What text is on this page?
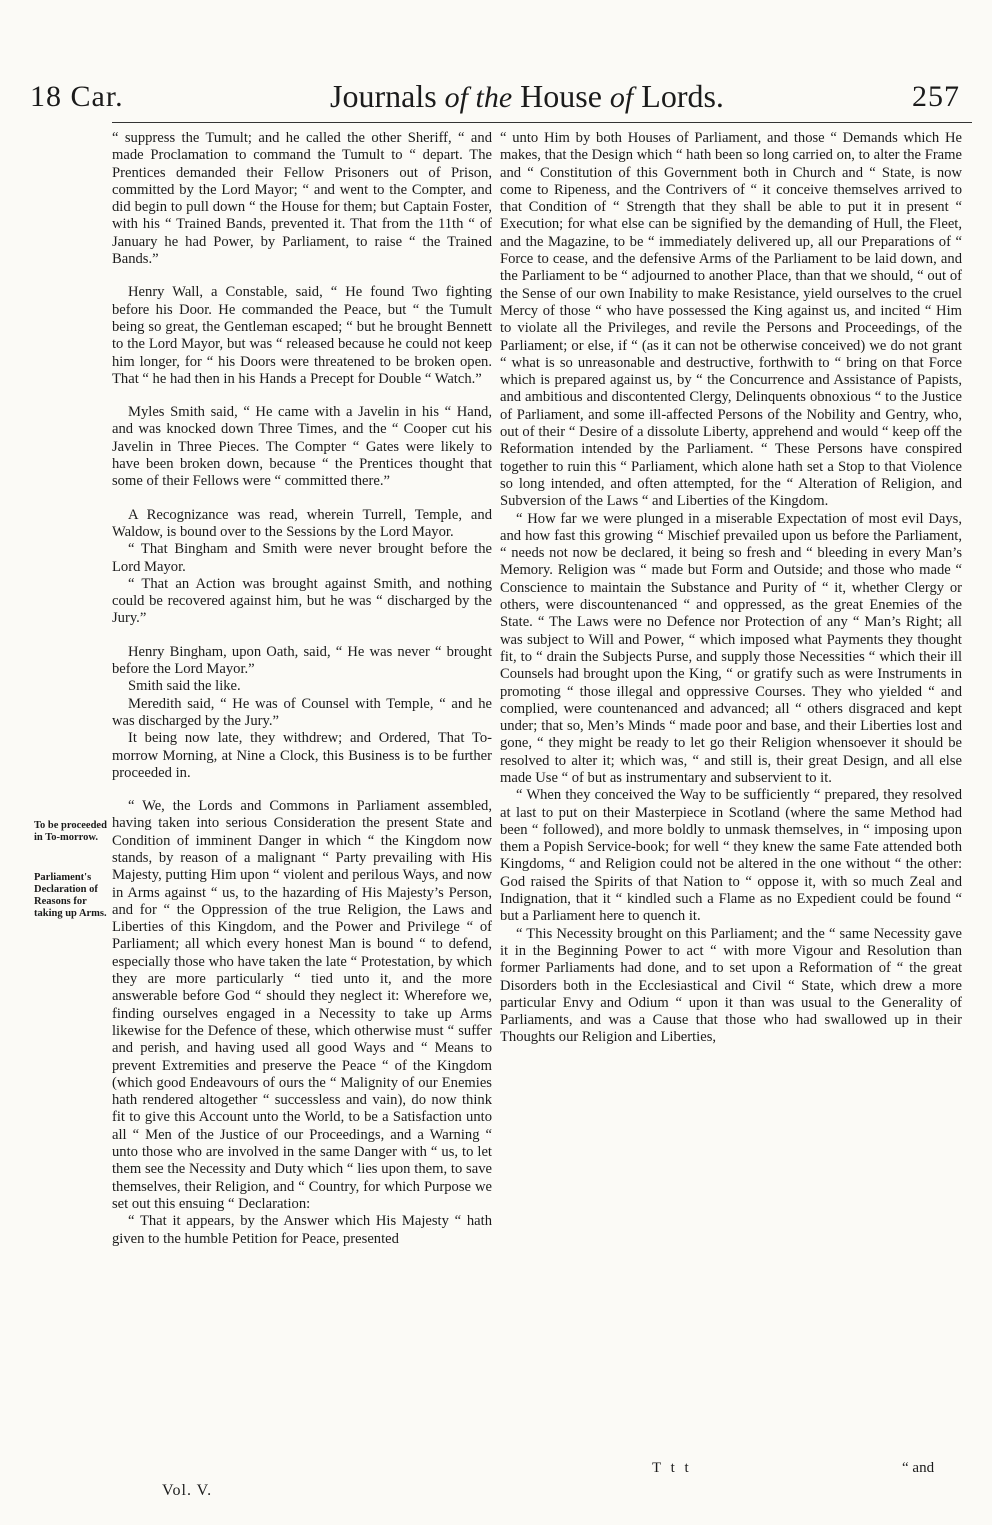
18 Car.	Journals of the House of Lords.	257
To be proceeded in To-morrow.
Parliament's Declaration of Reasons for taking up Arms.

“ suppress the Tumult; and he called the other Sheriff, “ and made Proclamation to command the Tumult to “ depart. The Prentices demanded their Fellow Prisoners out of Prison, committed by the Lord Mayor; “ and went to the Compter, and did begin to pull down “ the House for them; but Captain Foster, with his “ Trained Bands, prevented it. That from the 11th “ of January he had Power, by Parliament, to raise “ the Trained Bands.”

Henry Wall, a Constable, said, “ He found Two fighting before his Door. He commanded the Peace, but “ the Tumult being so great, the Gentleman escaped; “ but he brought Bennett to the Lord Mayor, but was “ released because he could not keep him longer, for “ his Doors were threatened to be broken open. That “ he had then in his Hands a Precept for Double “ Watch.”

Myles Smith said, “ He came with a Javelin in his “ Hand, and was knocked down Three Times, and the “ Cooper cut his Javelin in Three Pieces. The Compter “ Gates were likely to have been broken down, because “ the Prentices thought that some of their Fellows were “ committed there.”

A Recognizance was read, wherein Turrell, Temple, and Waldow, is bound over to the Sessions by the Lord Mayor.

“ That Bingham and Smith were never brought before the Lord Mayor.

“ That an Action was brought against Smith, and nothing could be recovered against him, but he was “ discharged by the Jury.”

Henry Bingham, upon Oath, said, “ He was never “ brought before the Lord Mayor.”

Smith said the like.

Meredith said, “ He was of Counsel with Temple, “ and he was discharged by the Jury.”

It being now late, they withdrew; and Ordered, That To-morrow Morning, at Nine a Clock, this Business is to be further proceeded in.

“ We, the Lords and Commons in Parliament assembled, having taken into serious Consideration the present State and Condition of imminent Danger in which “ the Kingdom now stands, by reason of a malignant “ Party prevailing with His Majesty, putting Him upon “ violent and perilous Ways, and now in Arms against “ us, to the hazarding of His Majesty’s Person, and for “ the Oppression of the true Religion, the Laws and Liberties of this Kingdom, and the Power and Privilege “ of Parliament; all which every honest Man is bound “ to defend, especially those who have taken the late “ Protestation, by which they are more particularly “ tied unto it, and the more answerable before God “ should they neglect it: Wherefore we, finding ourselves engaged in a Necessity to take up Arms likewise for the Defence of these, which otherwise must “ suffer and perish, and having used all good Ways and “ Means to prevent Extremities and preserve the Peace “ of the Kingdom (which good Endeavours of ours the “ Malignity of our Enemies hath rendered altogether “ successless and vain), do now think fit to give this Account unto the World, to be a Satisfaction unto all “ Men of the Justice of our Proceedings, and a Warning “ unto those who are involved in the same Danger with “ us, to let them see the Necessity and Duty which “ lies upon them, to save themselves, their Religion, and “ Country, for which Purpose we set out this ensuing “ Declaration:

“ That it appears, by the Answer which His Majesty “ hath given to the humble Petition for Peace, presented

“ unto Him by both Houses of Parliament, and those “ Demands which He makes, that the Design which “ hath been so long carried on, to alter the Frame and “ Constitution of this Government both in Church and “ State, is now come to Ripeness, and the Contrivers of “ it conceive themselves arrived to that Condition of “ Strength that they shall be able to put it in present “ Execution; for what else can be signified by the demanding of Hull, the Fleet, and the Magazine, to be “ immediately delivered up, all our Preparations of “ Force to cease, and the defensive Arms of the Parliament to be laid down, and the Parliament to be “ adjourned to another Place, than that we should, “ out of the Sense of our own Inability to make Resistance, yield ourselves to the cruel Mercy of those “ who have possessed the King against us, and incited “ Him to violate all the Privileges, and revile the Persons and Proceedings, of the Parliament; or else, if “ (as it can not be otherwise conceived) we do not grant “ what is so unreasonable and destructive, forthwith to “ bring on that Force which is prepared against us, by “ the Concurrence and Assistance of Papists, and ambitious and discontented Clergy, Delinquents obnoxious “ to the Justice of Parliament, and some ill-affected Persons of the Nobility and Gentry, who, out of their “ Desire of a dissolute Liberty, apprehend and would “ keep off the Reformation intended by the Parliament. “ These Persons have conspired together to ruin this “ Parliament, which alone hath set a Stop to that Violence so long intended, and often attempted, for the “ Alteration of Religion, and Subversion of the Laws “ and Liberties of the Kingdom.

“ How far we were plunged in a miserable Expectation of most evil Days, and how fast this growing “ Mischief prevailed upon us before the Parliament, “ needs not now be declared, it being so fresh and “ bleeding in every Man’s Memory. Religion was “ made but Form and Outside; and those who made “ Conscience to maintain the Substance and Purity of “ it, whether Clergy or others, were discountenanced “ and oppressed, as the great Enemies of the State. “ The Laws were no Defence nor Protection of any “ Man’s Right; all was subject to Will and Power, “ which imposed what Payments they thought fit, to “ drain the Subjects Purse, and supply those Necessities “ which their ill Counsels had brought upon the King, “ or gratify such as were Instruments in promoting “ those illegal and oppressive Courses. They who yielded “ and complied, were countenanced and advanced; all “ others disgraced and kept under; that so, Men’s Minds “ made poor and base, and their Liberties lost and gone, “ they might be ready to let go their Religion whensoever it should be resolved to alter it; which was, “ and still is, their great Design, and all else made Use “ of but as instrumentary and subservient to it.

“ When they conceived the Way to be sufficiently “ prepared, they resolved at last to put on their Masterpiece in Scotland (where the same Method had been “ followed), and more boldly to unmask themselves, in “ imposing upon them a Popish Service-book; for well “ they knew the same Fate attended both Kingdoms, “ and Religion could not be altered in the one without “ the other: God raised the Spirits of that Nation to “ oppose it, with so much Zeal and Indignation, that it “ kindled such a Flame as no Expedient could be found “ but a Parliament here to quench it.

“ This Necessity brought on this Parliament; and the “ same Necessity gave it in the Beginning Power to act “ with more Vigour and Resolution than former Parliaments had done, and to set upon a Reformation of “ the great Disorders both in the Ecclesiastical and Civil “ State, which drew a more particular Envy and Odium “ upon it than was usual to the Generality of Parliaments, and was a Cause that those who had swallowed up in their Thoughts our Religion and Liberties,

Vol. V.
T t t	“ and
